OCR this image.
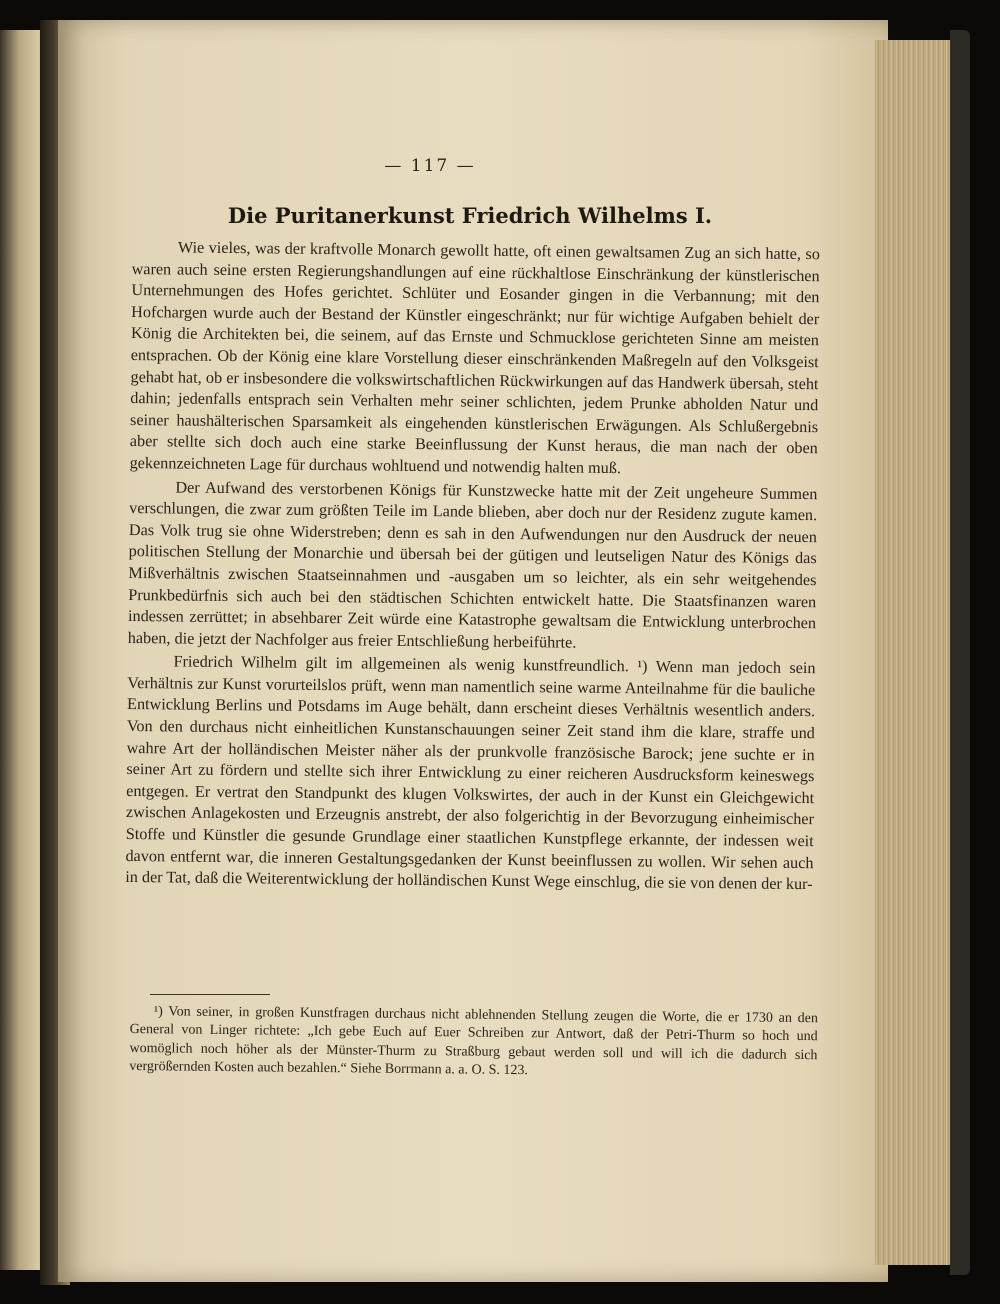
— 117 —
Die Puritanerkunst Friedrich Wilhelms I.

Wie vieles, was der kraftvolle Monarch gewollt hatte, oft einen gewaltsamen Zug an sich hatte, so waren auch seine ersten Regierungshandlungen auf eine rückhaltlose Einschränkung der künstlerischen Unternehmungen des Hofes gerichtet. Schlüter und Eosander gingen in die Verbannung; mit den Hofchargen wurde auch der Bestand der Künstler eingeschränkt; nur für wichtige Aufgaben behielt der König die Architekten bei, die seinem, auf das Ernste und Schmucklose gerichteten Sinne am meisten entsprachen. Ob der König eine klare Vorstellung dieser einschränkenden Maßregeln auf den Volksgeist gehabt hat, ob er insbesondere die volkswirtschaftlichen Rückwirkungen auf das Handwerk übersah, steht dahin; jedenfalls entsprach sein Verhalten mehr seiner schlichten, jedem Prunke abholden Natur und seiner haushälterischen Sparsamkeit als eingehenden künstlerischen Erwägungen. Als Schlußergebnis aber stellte sich doch auch eine starke Beeinflussung der Kunst heraus, die man nach der oben gekennzeichneten Lage für durchaus wohltuend und notwendig halten muß.

Der Aufwand des verstorbenen Königs für Kunstzwecke hatte mit der Zeit ungeheure Summen verschlungen, die zwar zum größten Teile im Lande blieben, aber doch nur der Residenz zugute kamen. Das Volk trug sie ohne Widerstreben; denn es sah in den Aufwendungen nur den Ausdruck der neuen politischen Stellung der Monarchie und übersah bei der gütigen und leutseligen Natur des Königs das Mißverhältnis zwischen Staatseinnahmen und -ausgaben um so leichter, als ein sehr weitgehendes Prunkbedürfnis sich auch bei den städtischen Schichten entwickelt hatte. Die Staatsfinanzen waren indessen zerrüttet; in absehbarer Zeit würde eine Katastrophe gewaltsam die Entwicklung unterbrochen haben, die jetzt der Nachfolger aus freier Entschließung herbeiführte.

Friedrich Wilhelm gilt im allgemeinen als wenig kunstfreundlich. ¹) Wenn man jedoch sein Verhältnis zur Kunst vorurteilslos prüft, wenn man namentlich seine warme Anteilnahme für die bauliche Entwicklung Berlins und Potsdams im Auge behält, dann erscheint dieses Verhältnis wesentlich anders. Von den durchaus nicht einheitlichen Kunstanschauungen seiner Zeit stand ihm die klare, straffe und wahre Art der holländischen Meister näher als der prunkvolle französische Barock; jene suchte er in seiner Art zu fördern und stellte sich ihrer Entwicklung zu einer reicheren Ausdrucksform keineswegs entgegen. Er vertrat den Standpunkt des klugen Volkswirtes, der auch in der Kunst ein Gleichgewicht zwischen Anlagekosten und Erzeugnis anstrebt, der also folgerichtig in der Bevorzugung einheimischer Stoffe und Künstler die gesunde Grundlage einer staatlichen Kunstpflege erkannte, der indessen weit davon entfernt war, die inneren Gestaltungsgedanken der Kunst beeinflussen zu wollen. Wir sehen auch in der Tat, daß die Weiterentwicklung der holländischen Kunst Wege einschlug, die sie von denen der kur-

¹) Von seiner, in großen Kunstfragen durchaus nicht ablehnenden Stellung zeugen die Worte, die er 1730 an den General von Linger richtete: „Ich gebe Euch auf Euer Schreiben zur Antwort, daß der Petri-Thurm so hoch und womöglich noch höher als der Münster-Thurm zu Straßburg gebaut werden soll und will ich die dadurch sich vergrößernden Kosten auch bezahlen.“ Siehe Borrmann a. a. O. S. 123.
